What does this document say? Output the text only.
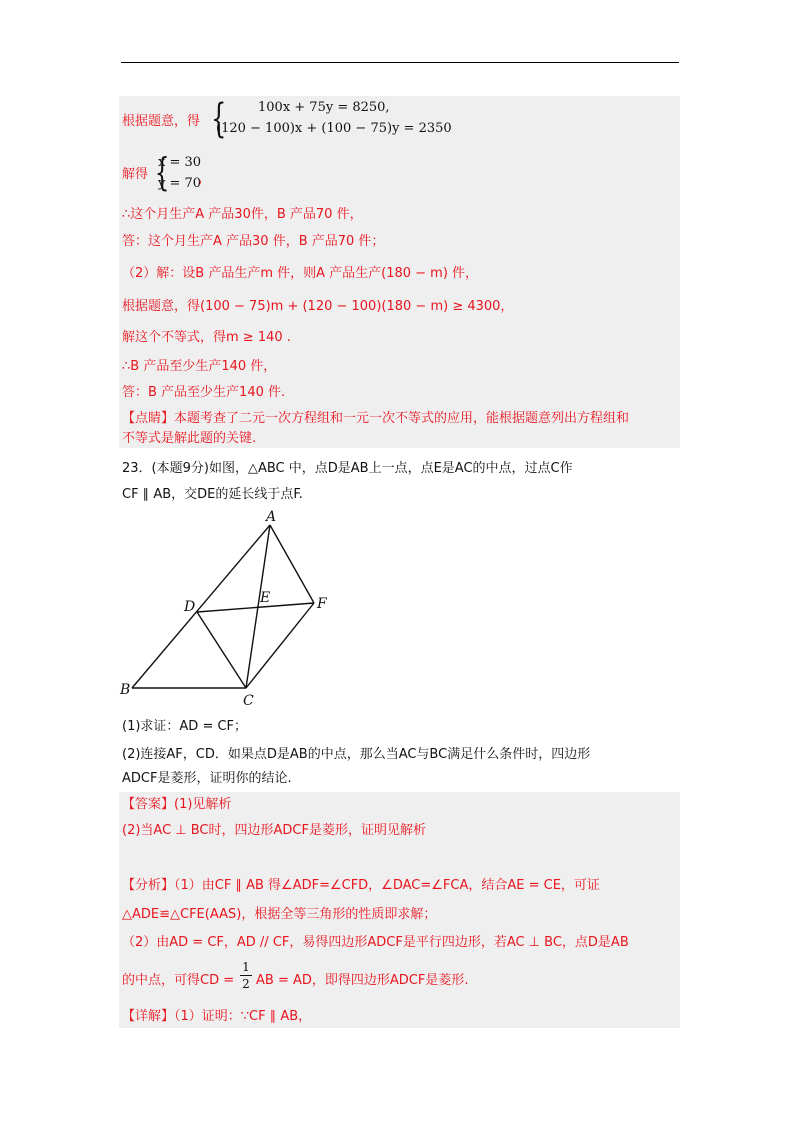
根据题意，得 { 100x + 75y = 8250,
(120 − 100)x + (100 − 75)y = 2350
解得 {
x = 30
y = 70
，
∴这个月生产A 产品30件，B 产品70 件，
答：这个月生产A 产品30 件，B 产品70 件；
（2）解：设B 产品生产m 件，则A 产品生产(180 − m) 件，
根据题意，得(100 − 75)m + (120 − 100)(180 − m) ≥ 4300，
解这个不等式，得m ≥ 140 .
∴B 产品至少生产140 件，
答：B 产品至少生产140 件.
【点睛】本题考查了二元一次方程组和一元一次不等式的应用，能根据题意列出方程组和
不等式是解此题的关键.
23．(本题9分)如图，△ABC 中，点D是AB上一点，点E是AC的中点，过点C作
CF ∥ AB，交DE的延长线于点F.
A
B
C
D
E	F
(1)求证：AD = CF；
(2)连接AF，CD．如果点D是AB的中点，那么当AC与BC满足什么条件时，四边形
ADCF是菱形，证明你的结论.
【答案】(1)见解析
(2)当AC ⊥ BC时，四边形ADCF是菱形，证明见解析
【分析】（1）由CF ∥ AB 得∠ADF=∠CFD，∠DAC=∠FCA，结合AE = CE，可证
△ADE≌△CFE(AAS)，根据全等三角形的性质即求解；
（2）由AD = CF，AD // CF，易得四边形ADCF是平行四边形，若AC ⊥ BC，点D是AB
的中点，可得CD =
1
2 AB = AD，即得四边形ADCF是菱形.
【详解】（1）证明：∵CF ∥ AB，
